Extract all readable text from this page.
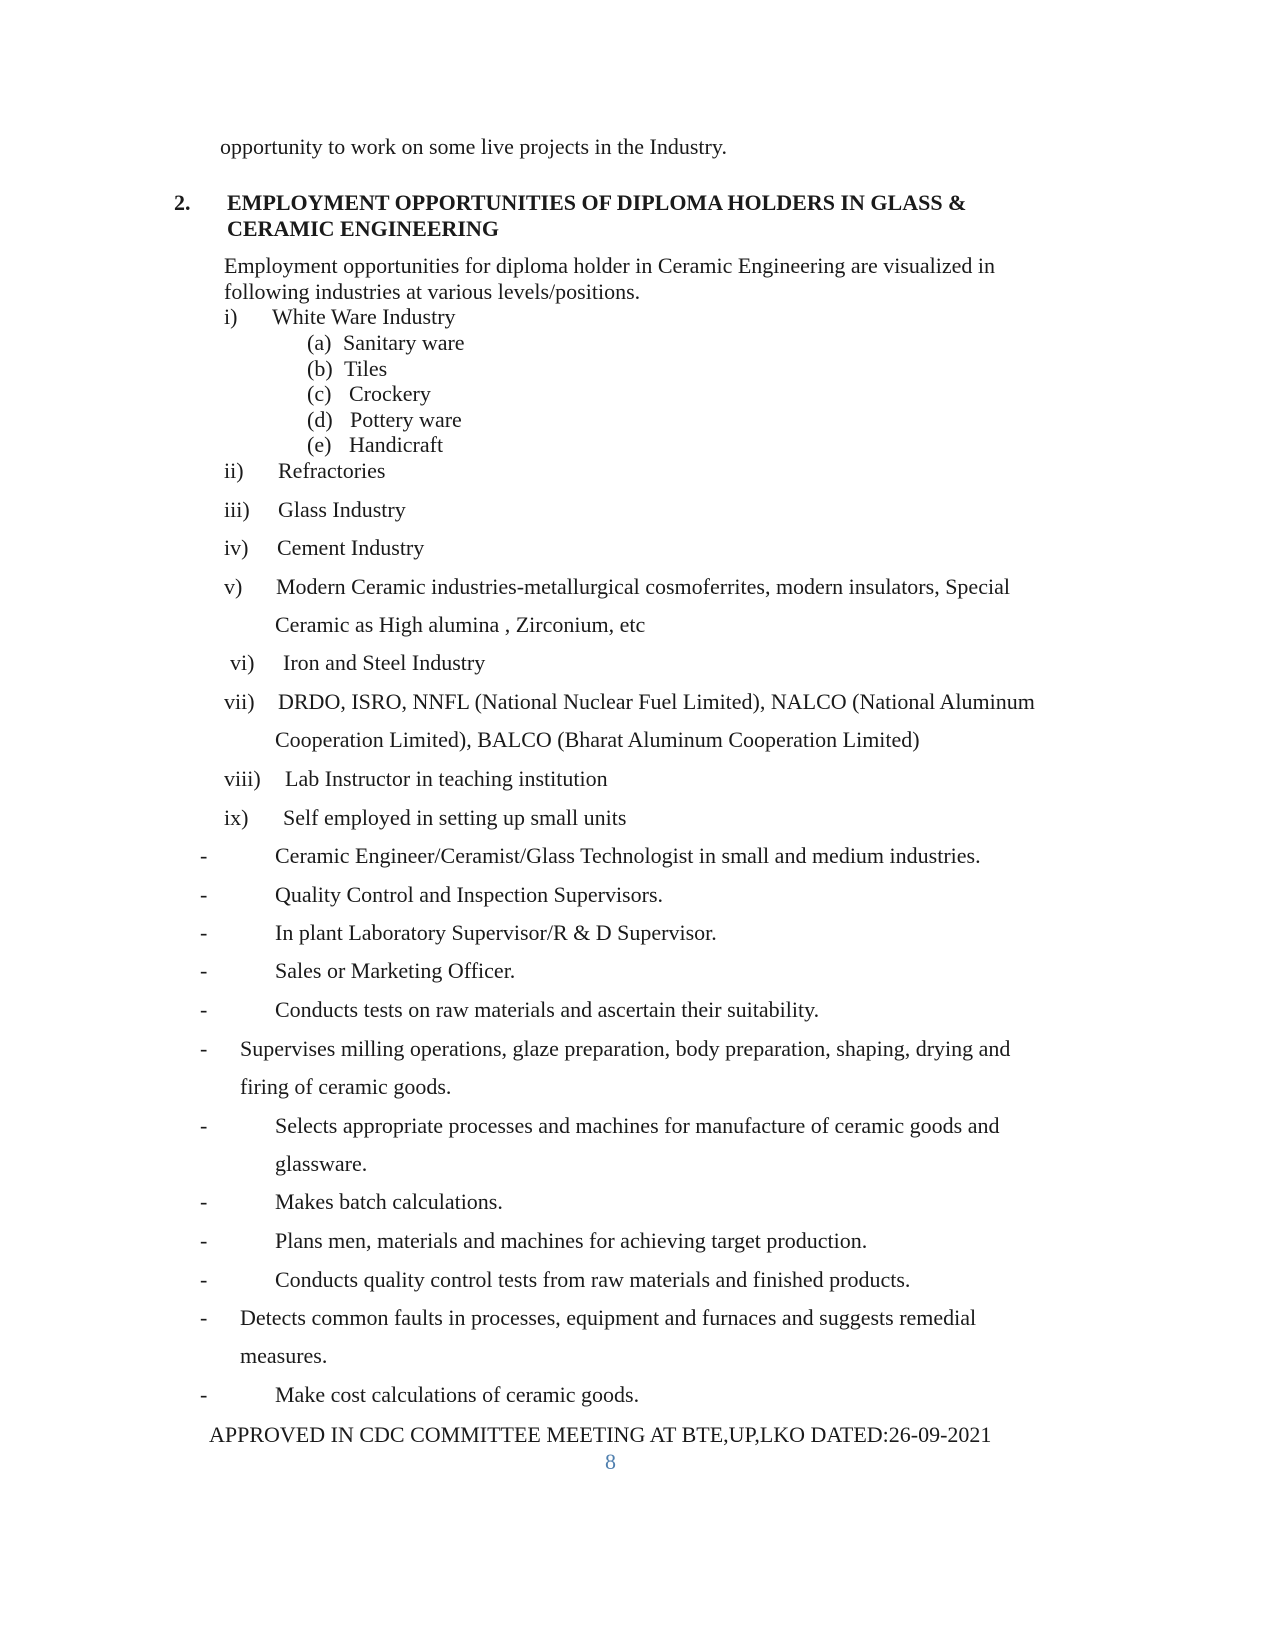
opportunity to work on some live projects in the Industry.
2. EMPLOYMENT OPPORTUNITIES OF DIPLOMA HOLDERS IN GLASS &
CERAMIC ENGINEERING
Employment opportunities for diploma holder in Ceramic Engineering are visualized in
following industries at various levels/positions.
i) White Ware Industry
(a) Sanitary ware
(b) Tiles
(c) Crockery
(d) Pottery ware
(e) Handicraft
ii) Refractories
iii) Glass Industry
iv) Cement Industry
v) Modern Ceramic industries-metallurgical cosmoferrites, modern insulators, Special
Ceramic as High alumina , Zirconium, etc
vi) Iron and Steel Industry
vii) DRDO, ISRO, NNFL (National Nuclear Fuel Limited), NALCO (National Aluminum
Cooperation Limited), BALCO (Bharat Aluminum Cooperation Limited)
viii) Lab Instructor in teaching institution
ix) Self employed in setting up small units
-	Ceramic Engineer/Ceramist/Glass Technologist in small and medium industries.
-	Quality Control and Inspection Supervisors.
-	In plant Laboratory Supervisor/R & D Supervisor.
-	Sales or Marketing Officer.
-	Conducts tests on raw materials and ascertain their suitability.
- Supervises milling operations, glaze preparation, body preparation, shaping, drying and
firing of ceramic goods.
-	Selects appropriate processes and machines for manufacture of ceramic goods and
glassware.
-	Makes batch calculations.
-	Plans men, materials and machines for achieving target production.
-	Conducts quality control tests from raw materials and finished products.
- Detects common faults in processes, equipment and furnaces and suggests remedial
measures.
-	Make cost calculations of ceramic goods.
APPROVED IN CDC COMMITTEE MEETING AT BTE,UP,LKO DATED:26-09-2021
8
